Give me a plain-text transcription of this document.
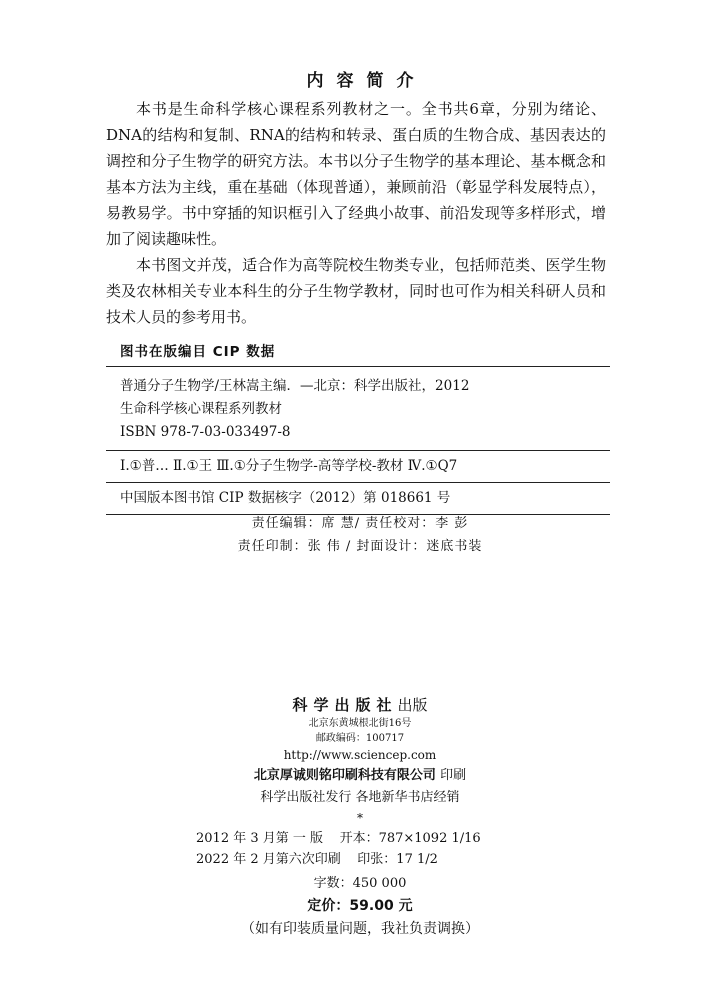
内容简介

本书是生命科学核心课程系列教材之一。全书共6章，分别为绪论、DNA的结构和复制、RNA的结构和转录、蛋白质的生物合成、基因表达的调控和分子生物学的研究方法。本书以分子生物学的基本理论、基本概念和基本方法为主线，重在基础（体现普通），兼顾前沿（彰显学科发展特点），易教易学。书中穿插的知识框引入了经典小故事、前沿发现等多样形式，增加了阅读趣味性。

本书图文并茂，适合作为高等院校生物类专业，包括师范类、医学生物类及农林相关专业本科生的分子生物学教材，同时也可作为相关科研人员和技术人员的参考用书。

图书在版编目 CIP 数据
普通分子生物学/王林嵩主编．—北京：科学出版社，2012
生命科学核心课程系列教材
ISBN 978-7-03-033497-8
Ⅰ.①普… Ⅱ.①王 Ⅲ.①分子生物学-高等学校-教材 Ⅳ.①Q7
中国版本图书馆 CIP 数据核字（2012）第 018661 号
责任编辑：席 慧/ 责任校对：李 彭
责任印制：张 伟 / 封面设计：迷底书装
科学出版社出版
北京东黄城根北街16号
邮政编码：100717
http://www.sciencep.com
北京厚诚则铭印刷科技有限公司 印刷
科学出版社发行 各地新华书店经销
*
2012 年 3 月第 一 版 开本：787×1092 1/16
2022 年 2 月第六次印刷 印张：17 1/2
字数：450 000
定价：59.00 元
（如有印装质量问题，我社负责调换）
